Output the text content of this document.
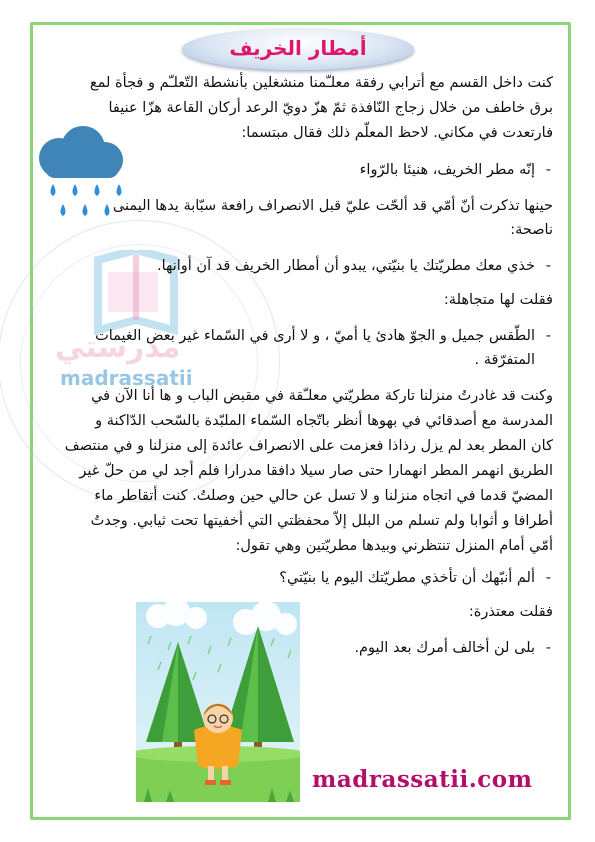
مدرستي
madrassatii
أمطار الخريف
كنت داخل القسم مع أترابي رفقة معلـّمنا منشغلين بأنشطة التّعلـّم و فجأة لمع
برق خاطف من خلال زجاج النّافذة ثمّ هزّ دويّ الرعد أركان القاعة هزّا عنيفا
فارتعدت في مكاني. لاحظ المعلّم ذلك فقال مبتسما:
-
إنّه مطر الخريف، هنيئا بالرّواء
حينها تذكرت أنّ أمّي قد ألحّت عليّ قبل الانصراف رافعة سبّابة يدها اليمنى
ناصحة:
-
خذي معك مطريّتك يا بنيّتي، يبدو أن أمطار الخريف قد آن أوانها.
فقلت لها متجاهلة:
-
الطّقس جميل و الجوّ هادئ يا أميّ ، و لا أرى في السّماء غير بعض الغيمات
المتفرّقة .
وكنت قد غادرتُ منزلنا تاركة مطريّتي معلـّقة في مقبض الباب و ها أنا الآن في
المدرسة مع أصدقائي في بهوها أنظر باتّجاه السّماء الملبّدة بالسّحب الدّاكنة و
كان المطر بعد لم يزل رذاذا فعزمت على الانصراف عائدة إلى منزلنا و في منتصف
الطريق انهمر المطر انهمارا حتى صار سيلا دافقا مدرارا فلم أجد لي من حلّ غير
المضيّ قدما في اتجاه منزلنا و لا تسل عن حالي حين وصلتُ. كنت أتقاطر ماء
أطرافا و أثوابا ولم تسلم من البلل إلاّ محفظتي التي أخفيتها تحت ثيابي. وجدتُ
أمّي أمام المنزل تنتظرني وبيدها مطريّتين وهي تقول:
-
ألم أنبّهك أن تأخذي مطريّتك اليوم يا بنيّتي؟
فقلت معتذرة:
-
بلى لن أخالف أمرك بعد اليوم.
madrassatii.com
